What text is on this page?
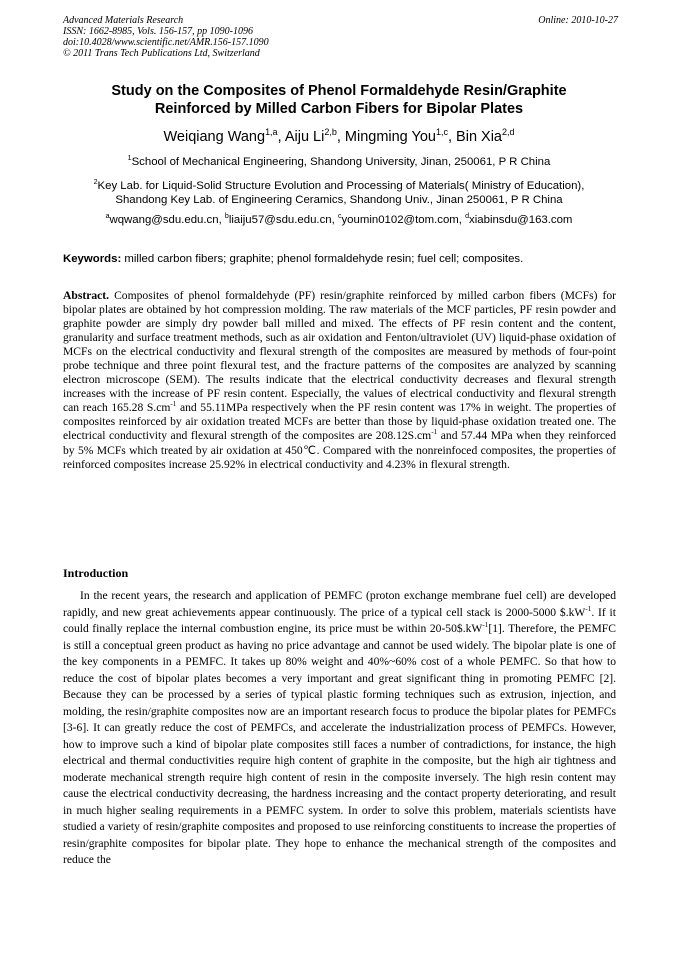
Advanced Materials Research
ISSN: 1662-8985, Vols. 156-157, pp 1090-1096
doi:10.4028/www.scientific.net/AMR.156-157.1090
© 2011 Trans Tech Publications Ltd, Switzerland
Online: 2010-10-27
Study on the Composites of Phenol Formaldehyde Resin/Graphite
Reinforced by Milled Carbon Fibers for Bipolar Plates
Weiqiang Wang$^{1,a}$, Aiju Li$^{2,b}$, Mingming You$^{1,c}$, Bin Xia$^{2,d}$
$^1$School of Mechanical Engineering, Shandong University, Jinan, 250061, P R China
$^2$Key Lab. for Liquid-Solid Structure Evolution and Processing of Materials( Ministry of Education),
Shandong Key Lab. of Engineering Ceramics, Shandong Univ., Jinan 250061, P R China
$^a$wqwang@sdu.edu.cn, $^b$liaiju57@sdu.edu.cn, $^c$youmin0102@tom.com, $^d$xiabinsdu@163.com
Keywords: milled carbon fibers; graphite; phenol formaldehyde resin; fuel cell; composites.
Abstract. Composites of phenol formaldehyde (PF) resin/graphite reinforced by milled carbon fibers (MCFs) for bipolar plates are obtained by hot compression molding. The raw materials of the MCF particles, PF resin powder and graphite powder are simply dry powder ball milled and mixed. The effects of PF resin content and the content, granularity and surface treatment methods, such as air oxidation and Fenton/ultraviolet (UV) liquid-phase oxidation of MCFs on the electrical conductivity and flexural strength of the composites are measured by methods of four-point probe technique and three point flexural test, and the fracture patterns of the composites are analyzed by scanning electron microscope (SEM). The results indicate that the electrical conductivity decreases and flexural strength increases with the increase of PF resin content. Especially, the values of electrical conductivity and flexural strength can reach 165.28 $S.cm^{-1}$ and 55.11MPa respectively when the PF resin content was 17% in weight. The properties of composites reinforced by air oxidation treated MCFs are better than those by liquid-phase oxidation treated one. The electrical conductivity and flexural strength of the composites are $208.12S.cm^{-1}$ and 57.44 MPa when they reinforced by 5% MCFs which treated by air oxidation at 450℃. Compared with the nonreinfoced composites, the properties of reinforced composites increase 25.92% in electrical conductivity and 4.23% in flexural strength.
Introduction
In the recent years, the research and application of PEMFC (proton exchange membrane fuel cell) are developed rapidly, and new great achievements appear continuously. The price of a typical cell stack is 2000-5000 $\$.kW^{-1}$. If it could finally replace the internal combustion engine, its price must be within $20-50\$.kW^{-1}[1]$. Therefore, the PEMFC is still a conceptual green product as having no price advantage and cannot be used widely. The bipolar plate is one of the key components in a PEMFC. It takes up 80% weight and 40%~60% cost of a whole PEMFC. So that how to reduce the cost of bipolar plates becomes a very important and great significant thing in promoting PEMFC [2]. Because they can be processed by a series of typical plastic forming techniques such as extrusion, injection, and molding, the resin/graphite composites now are an important research focus to produce the bipolar plates for PEMFCs [3-6]. It can greatly reduce the cost of PEMFCs, and accelerate the industrialization process of PEMFCs. However, how to improve such a kind of bipolar plate composites still faces a number of contradictions, for instance, the high electrical and thermal conductivities require high content of graphite in the composite, but the high air tightness and moderate mechanical strength require high content of resin in the composite inversely. The high resin content may cause the electrical conductivity decreasing, the hardness increasing and the contact property deteriorating, and result in much higher sealing requirements in a PEMFC system. In order to solve this problem, materials scientists have studied a variety of resin/graphite composites and proposed to use reinforcing constituents to increase the properties of resin/graphite composites for bipolar plate. They hope to enhance the mechanical strength of the composites and reduce the
